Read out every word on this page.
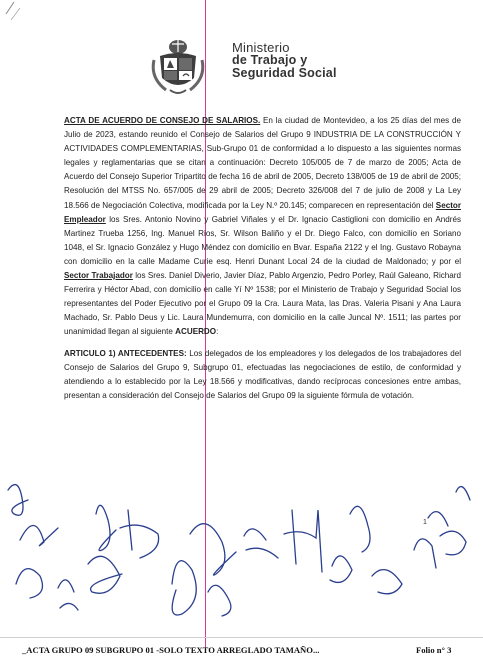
Ministerio
de Trabajo y
Seguridad Social

ACTA DE ACUERDO DE CONSEJO DE SALARIOS. En la ciudad de Montevideo, a los 25 días del mes de Julio de 2023, estando reunido el Consejo de Salarios del Grupo 9 INDUSTRIA DE LA CONSTRUCCIÓN Y ACTIVIDADES COMPLEMENTARIAS, Sub-Grupo 01 de conformidad a lo dispuesto a las siguientes normas legales y reglamentarias que se citan a continuación: Decreto 105/005 de 7 de marzo de 2005; Acta de Acuerdo del Consejo Superior Tripartito de fecha 16 de abril de 2005, Decreto 138/005 de 19 de abril de 2005; Resolución del MTSS No. 657/005 de 29 abril de 2005; Decreto 326/008 del 7 de julio de 2008 y La Ley 18.566 de Negociación Colectiva, modificada por la Ley N.º 20.145; comparecen en representación del Sector Empleador los Sres. Antonio Novino y Gabriel Viñales y el Dr. Ignacio Castiglioni con domicilio en Andrés Martinez Trueba 1256, Ing. Manuel Rios, Sr. Wilson Baliño y el Dr. Diego Falco, con domicilio en Soriano 1048, el Sr. Ignacio González y Hugo Méndez con domicilio en Bvar. España 2122 y el Ing. Gustavo Robayna con domicilio en la calle Madame Curie esq. Henri Dunant Local 24 de la ciudad de Maldonado; y por el Sector Trabajador los Sres. Daniel Diverio, Javier Díaz, Pablo Argenzio, Pedro Porley, Raúl Galeano, Richard Ferrerira y Héctor Abad, con domicilio en calle Yí Nº 1538; por el Ministerio de Trabajo y Seguridad Social los representantes del Poder Ejecutivo por el Grupo 09 la Cra. Laura Mata, las Dras. Valeria Pisani y Ana Laura Machado, Sr. Pablo Deus y Lic. Laura Mundemurra, con domicilio en la calle Juncal Nº. 1511; las partes por unanimidad llegan al siguiente ACUERDO:

ARTICULO 1) ANTECEDENTES: Los delegados de los empleadores y los delegados de los trabajadores del Consejo de Salarios del Grupo 9, Subgrupo 01, efectuadas las negociaciones de estilo, de conformidad y atendiendo a lo establecido por la Ley 18.566 y modificativas, dando recíprocas concesiones entre ambas, presentan a consideración del Consejo de Salarios del Grupo 09 la siguiente fórmula de votación.

1
_ACTA GRUPO 09 SUBGRUPO 01 -SOLO TEXTO ARREGLADO TAMAÑO...	Folio n° 3
